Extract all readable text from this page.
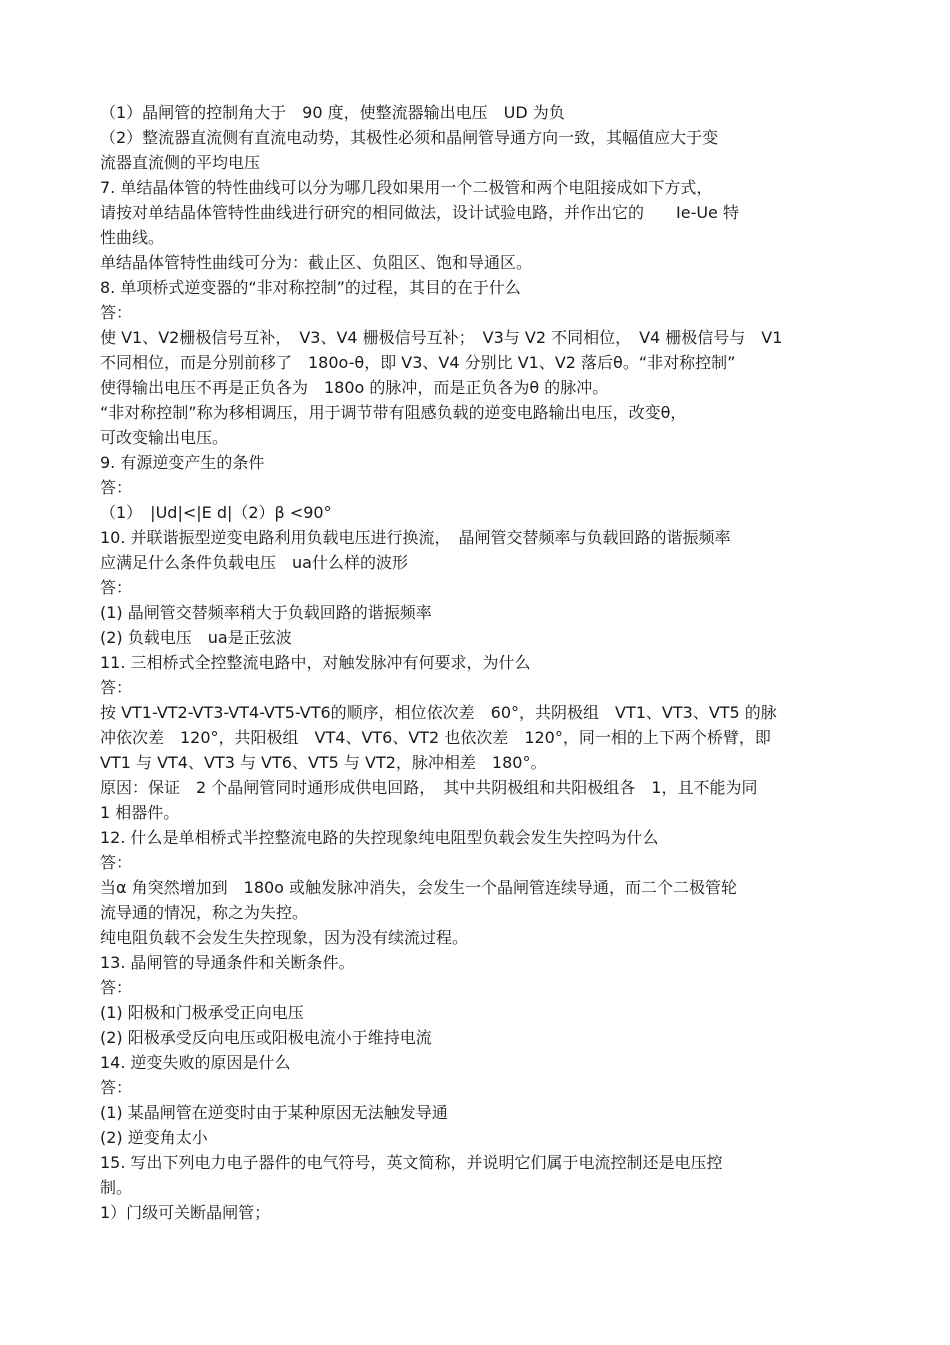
（1）晶闸管的控制角大于　90 度，使整流器输出电压　UD 为负
（2）整流器直流侧有直流电动势，其极性必须和晶闸管导通方向一致，其幅值应大于变
流器直流侧的平均电压
7. 单结晶体管的特性曲线可以分为哪几段如果用一个二极管和两个电阻接成如下方式，
请按对单结晶体管特性曲线进行研究的相同做法，设计试验电路，并作出它的　　Ie-Ue 特
性曲线。
单结晶体管特性曲线可分为：截止区、负阻区、饱和导通区。
8. 单项桥式逆变器的“非对称控制”的过程，其目的在于什么
答：
使 V1、V2栅极信号互补，　V3、V4 栅极信号互补；　V3与 V2 不同相位，　V4 栅极信号与　V1
不同相位，而是分别前移了　180o-θ，即 V3、V4 分别比 V1、V2 落后θ。“非对称控制”
使得输出电压不再是正负各为　180o 的脉冲，而是正负各为θ 的脉冲。
“非对称控制”称为移相调压，用于调节带有阻感负载的逆变电路输出电压，改变θ，
可改变输出电压。
9. 有源逆变产生的条件
答：
（1）　|Ud|<|E d|（2）β <90°
10. 并联谐振型逆变电路利用负载电压进行换流，　晶闸管交替频率与负载回路的谐振频率
应满足什么条件负载电压　ua什么样的波形
答：
(1) 晶闸管交替频率稍大于负载回路的谐振频率
(2) 负载电压　ua是正弦波
11. 三相桥式全控整流电路中，对触发脉冲有何要求，为什么
答：
按 VT1-VT2-VT3-VT4-VT5-VT6的顺序，相位依次差　60°，共阴极组　VT1、VT3、VT5 的脉
冲依次差　120°，共阳极组　VT4、VT6、VT2 也依次差　120°，同一相的上下两个桥臂，即
VT1 与 VT4、VT3 与 VT6、VT5 与 VT2，脉冲相差　180°。
原因：保证　2 个晶闸管同时通形成供电回路，　其中共阴极组和共阳极组各　1，且不能为同
1 相器件。
12. 什么是单相桥式半控整流电路的失控现象纯电阻型负载会发生失控吗为什么
答：
当α 角突然增加到　180o 或触发脉冲消失，会发生一个晶闸管连续导通，而二个二极管轮
流导通的情况，称之为失控。
纯电阻负载不会发生失控现象，因为没有续流过程。
13. 晶闸管的导通条件和关断条件。
答：
(1) 阳极和门极承受正向电压
(2) 阳极承受反向电压或阳极电流小于维持电流
14. 逆变失败的原因是什么
答：
(1) 某晶闸管在逆变时由于某种原因无法触发导通
(2) 逆变角太小
15. 写出下列电力电子器件的电气符号，英文简称，并说明它们属于电流控制还是电压控
制。
1）门级可关断晶闸管；
